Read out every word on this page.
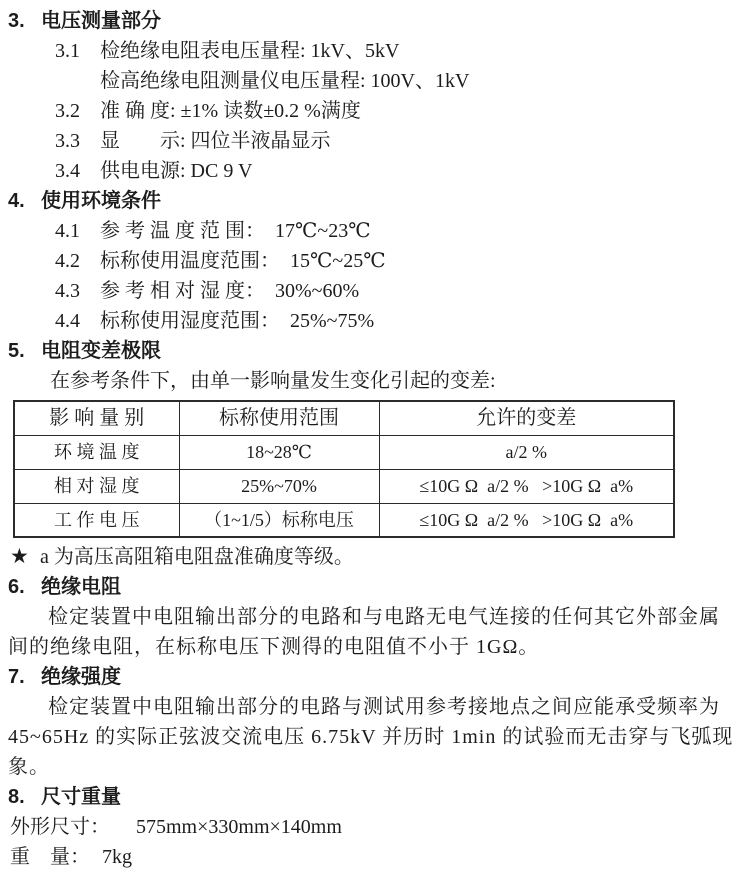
3. 电压测量部分
3.1	检绝缘电阻表电压量程: 1kV、5kV
检高绝缘电阻测量仪电压量程: 100V、1kV
3.2	准 确 度: ±1% 读数±0.2 %满度
3.3	显　　示: 四位半液晶显示
3.4	供电电源: DC 9 V
4. 使用环境条件
4.1	参 考 温 度 范 围：  17℃~23℃
4.2	标称使用温度范围：  15℃~25℃
4.3	参 考 相 对 湿 度：  30%~60%
4.4	标称使用湿度范围：  25%~75%
5. 电阻变差极限
在参考条件下，由单一影响量发生变化引起的变差:
影 响 量 别	标称使用范围	允许的变差
环 境 温 度	18~28℃	a/2 %
相 对 湿 度	25%~70%	≤10G Ω  a/2 %   >10G Ω  a%
工 作 电 压	（1~1/5）标称电压	≤10G Ω  a/2 %   >10G Ω  a%
★ a 为高压高阻箱电阻盘准确度等级。
6. 绝缘电阻
检定装置中电阻输出部分的电路和与电路无电气连接的任何其它外部金属
间的绝缘电阻，在标称电压下测得的电阻值不小于 1GΩ。
7. 绝缘强度
检定装置中电阻输出部分的电路与测试用参考接地点之间应能承受频率为
45~65Hz 的实际正弦波交流电压 6.75kV 并历时 1min 的试验而无击穿与飞弧现
象。
8. 尺寸重量
外形尺寸： 575mm×330mm×140mm
重　量： 7kg
